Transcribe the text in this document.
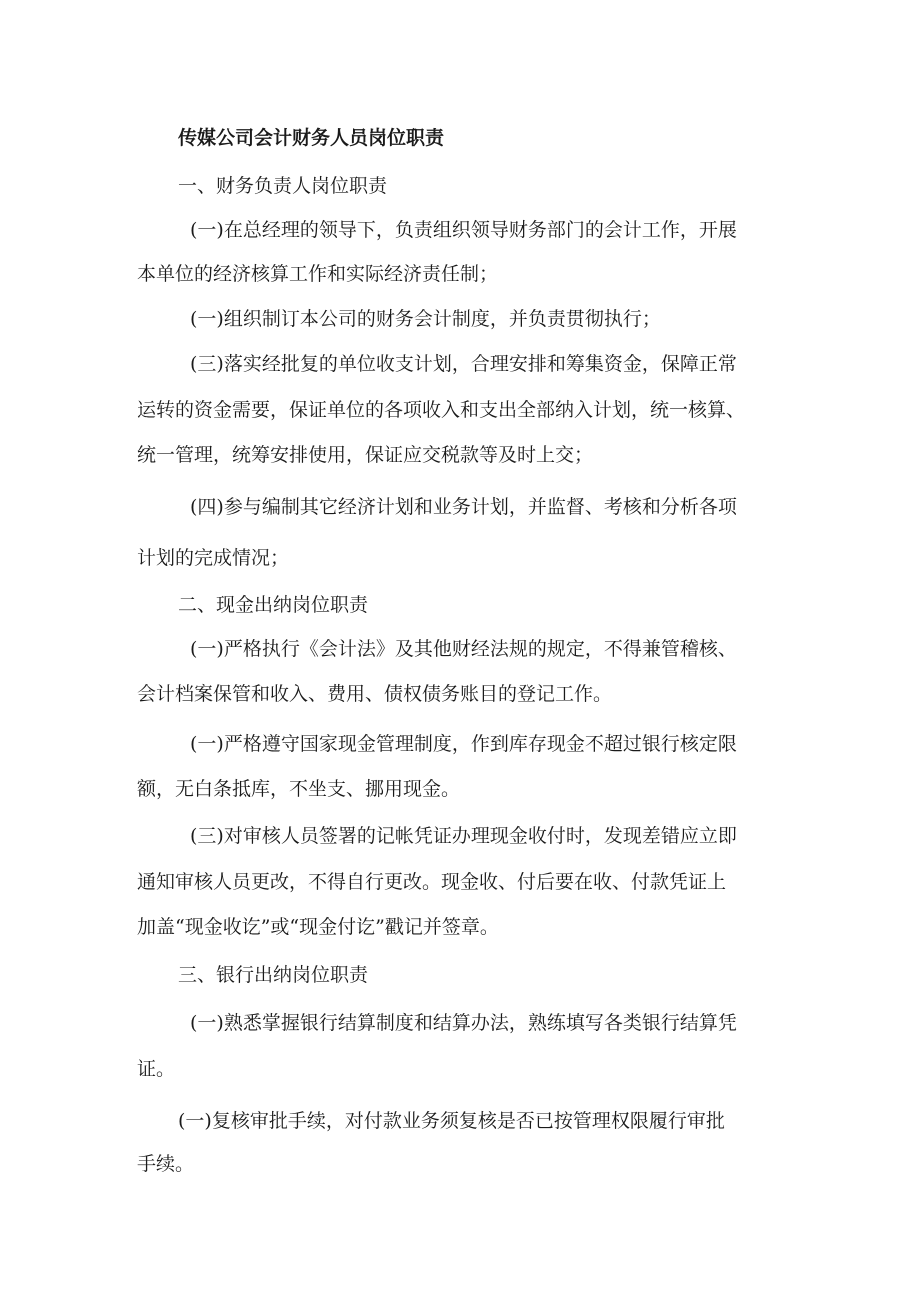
传媒公司会计财务人员岗位职责
一、财务负责人岗位职责
(一)在总经理的领导下，负责组织领导财务部门的会计工作，开展
本单位的经济核算工作和实际经济责任制；
(一)组织制订本公司的财务会计制度，并负责贯彻执行；
(三)落实经批复的单位收支计划，合理安排和筹集资金，保障正常
运转的资金需要，保证单位的各项收入和支出全部纳入计划，统一核算、
统一管理，统筹安排使用，保证应交税款等及时上交；
(四)参与编制其它经济计划和业务计划，并监督、考核和分析各项
计划的完成情况；
二、现金出纳岗位职责
(一)严格执行《会计法》及其他财经法规的规定，不得兼管稽核、
会计档案保管和收入、费用、债权债务账目的登记工作。
(一)严格遵守国家现金管理制度，作到库存现金不超过银行核定限
额，无白条抵库，不坐支、挪用现金。
(三)对审核人员签署的记帐凭证办理现金收付时，发现差错应立即
通知审核人员更改，不得自行更改。现金收、付后要在收、付款凭证上
加盖“现金收讫”或“现金付讫”戳记并签章。
三、银行出纳岗位职责
(一)熟悉掌握银行结算制度和结算办法，熟练填写各类银行结算凭
证。
(一)复核审批手续，对付款业务须复核是否已按管理权限履行审批
手续。
